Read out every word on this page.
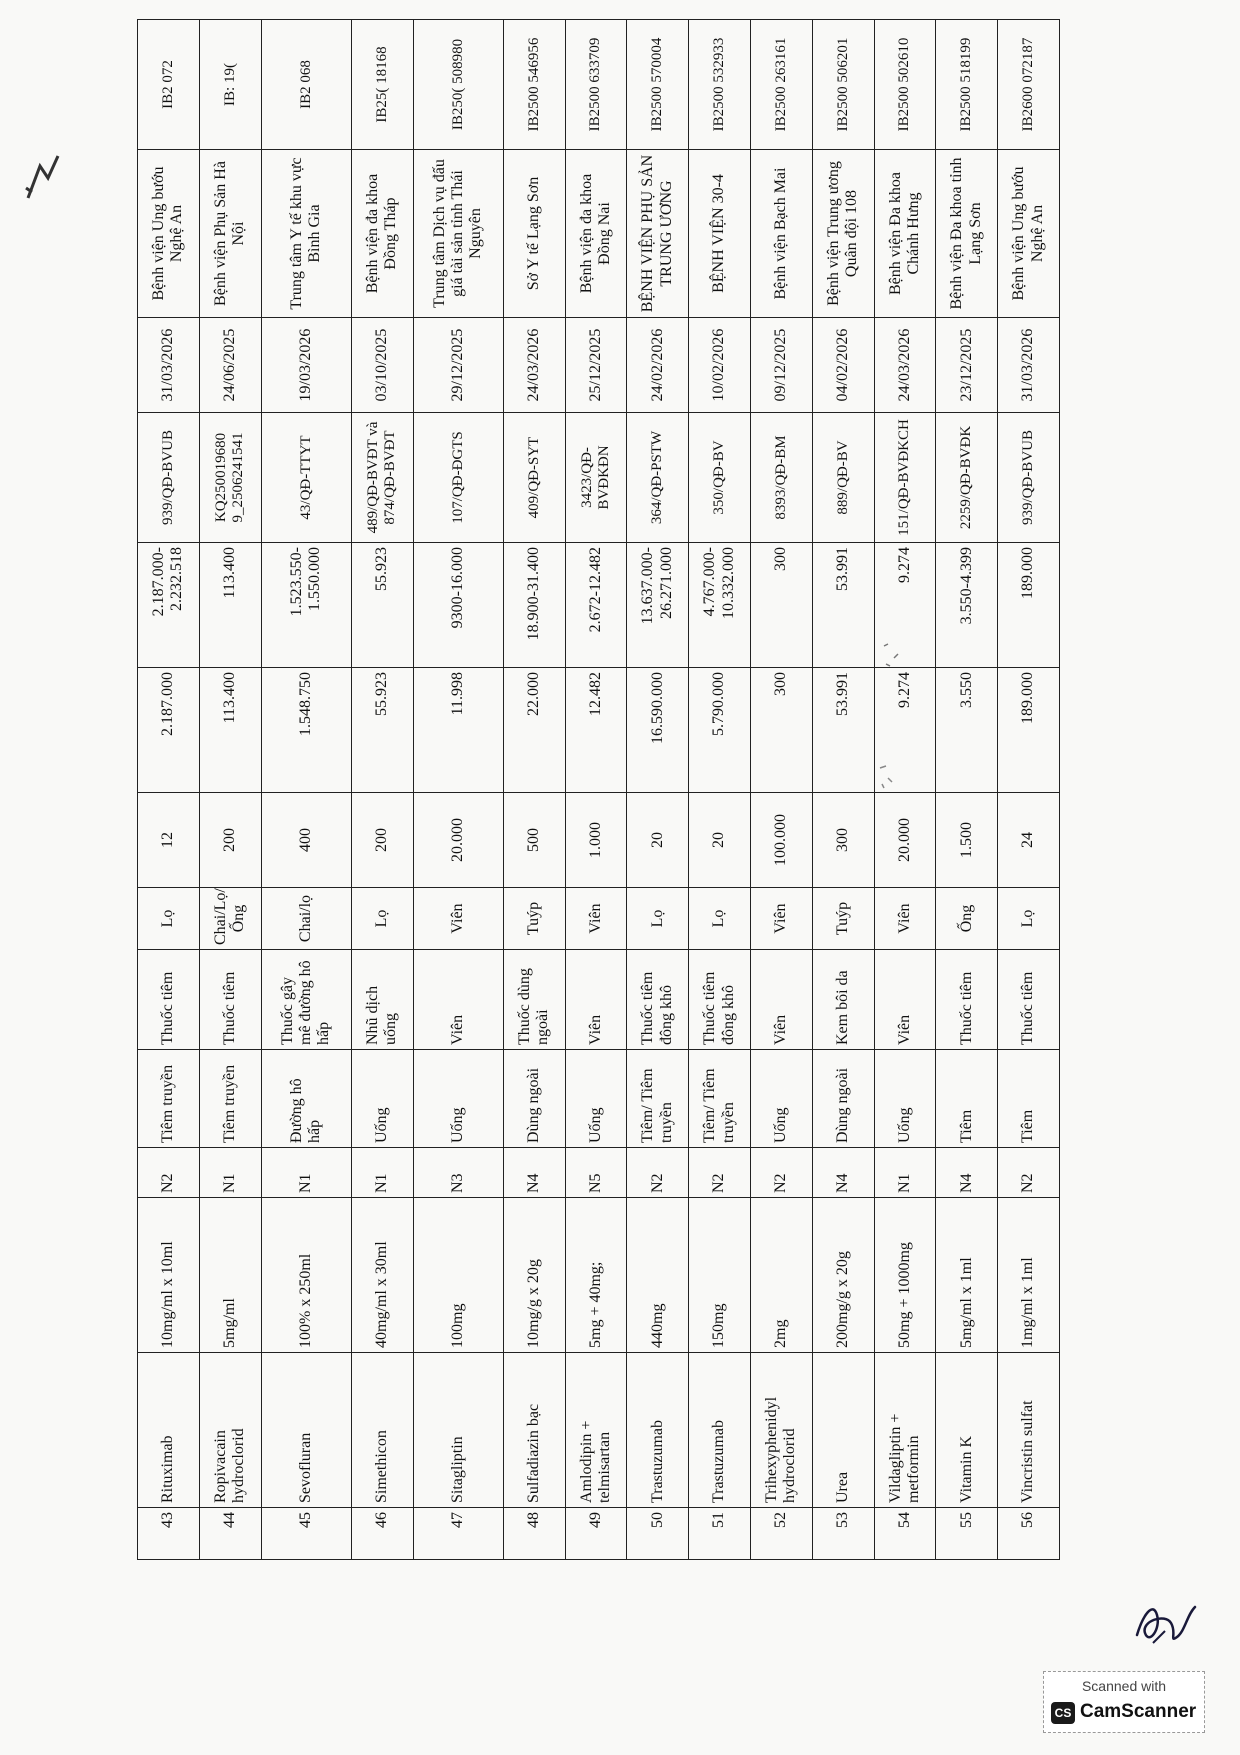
43	Rituximab	10mg/ml x 10ml	N2	Tiêm truyền	Thuốc tiêm	Lọ	12	2.187.000	2.187.000-2.232.518	939/QĐ-BVUB	31/03/2026	Bệnh viện Ung bướu Nghệ An	IB2 072
44	Ropivacain hydroclorid	5mg/ml	N1	Tiêm truyền	Thuốc tiêm	Chai/Lọ/ Ống	200	113.400	113.400	KQ250019680 9_2506241541	24/06/2025	Bệnh viện Phụ Sản Hà Nội	IB: 19(
45	Sevofluran	100% x 250ml	N1	Đường hô hấp	Thuốc gây mê đường hô hấp	Chai/lọ	400	1.548.750	1.523.550-1.550.000	43/QĐ-TTYT	19/03/2026	Trung tâm Y tế khu vực Bình Gia	IB2 068
46	Simethicon	40mg/ml x 30ml	N1	Uống	Nhũ dịch uống	Lọ	200	55.923	55.923	489/QĐ-BVĐT và 874/QĐ-BVĐT	03/10/2025	Bệnh viện đa khoa Đồng Tháp	IB25( 18168
47	Sitagliptin	100mg	N3	Uống	Viên	Viên	20.000	11.998	9300-16.000	107/QĐ-ĐGTS	29/12/2025	Trung tâm Dịch vụ đấu giá tài sản tỉnh Thái Nguyên	IB250( 508980
48	Sulfadiazin bạc	10mg/g x 20g	N4	Dùng ngoài	Thuốc dùng ngoài	Tuýp	500	22.000	18.900-31.400	409/QĐ-SYT	24/03/2026	Sở Y tế Lạng Sơn	IB2500 546956
49	Amlodipin + telmisartan	5mg + 40mg;	N5	Uống	Viên	Viên	1.000	12.482	2.672-12.482	3423/QĐ-BVĐKĐN	25/12/2025	Bệnh viện đa khoa Đồng Nai	IB2500 633709
50	Trastuzumab	440mg	N2	Tiêm/ Tiêm truyền	Thuốc tiêm đông khô	Lọ	20	16.590.000	13.637.000-26.271.000	364/QĐ-PSTW	24/02/2026	BỆNH VIỆN PHỤ SẢN TRUNG ƯƠNG	IB2500 570004
51	Trastuzumab	150mg	N2	Tiêm/ Tiêm truyền	Thuốc tiêm đông khô	Lọ	20	5.790.000	4.767.000-10.332.000	350/QĐ-BV	10/02/2026	BỆNH VIỆN 30-4	IB2500 532933
52	Trihexyphenidyl hydroclorid	2mg	N2	Uống	Viên	Viên	100.000	300	300	8393/QĐ-BM	09/12/2025	Bệnh viện Bạch Mai	IB2500 263161
53	Urea	200mg/g x 20g	N4	Dùng ngoài	Kem bôi da	Tuýp	300	53.991	53.991	889/QĐ-BV	04/02/2026	Bệnh viện Trung ương Quân đội 108	IB2500 506201
54	Vildagliptin + metformin	50mg + 1000mg	N1	Uống	Viên	Viên	20.000	9.274	9.274	151/QĐ-BVĐKCH	24/03/2026	Bệnh viện Đa khoa Chánh Hưng	IB2500 502610
55	Vitamin K	5mg/ml x 1ml	N4	Tiêm	Thuốc tiêm	Ống	1.500	3.550	3.550-4.399	2259/QĐ-BVĐK	23/12/2025	Bệnh viện Đa khoa tỉnh Lạng Sơn	IB2500 518199
56	Vincristin sulfat	1mg/ml x 1ml	N2	Tiêm	Thuốc tiêm	Lọ	24	189.000	189.000	939/QĐ-BVUB	31/03/2026	Bệnh viện Ung bướu Nghệ An	IB2600 072187
Scanned with
CS CamScanner
